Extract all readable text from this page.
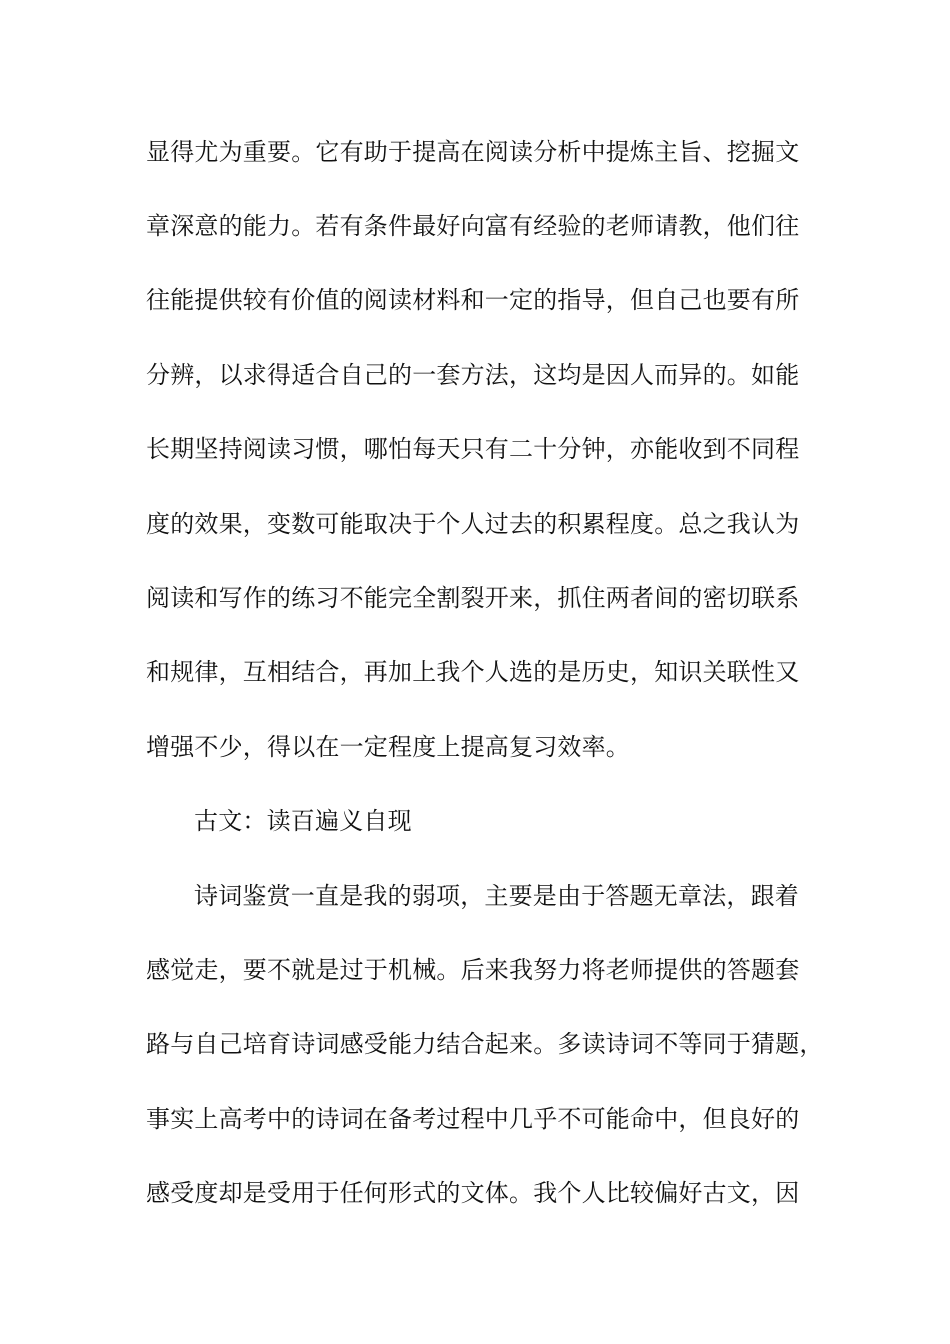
显得尤为重要。它有助于提高在阅读分析中提炼主旨、挖掘文
章深意的能力。若有条件最好向富有经验的老师请教，他们往
往能提供较有价值的阅读材料和一定的指导，但自己也要有所
分辨，以求得适合自己的一套方法，这均是因人而异的。如能
长期坚持阅读习惯，哪怕每天只有二十分钟，亦能收到不同程
度的效果，变数可能取决于个人过去的积累程度。总之我认为
阅读和写作的练习不能完全割裂开来，抓住两者间的密切联系
和规律，互相结合，再加上我个人选的是历史，知识关联性又
增强不少，得以在一定程度上提高复习效率。
古文：读百遍义自现
诗词鉴赏一直是我的弱项，主要是由于答题无章法，跟着
感觉走，要不就是过于机械。后来我努力将老师提供的答题套
路与自己培育诗词感受能力结合起来。多读诗词不等同于猜题，
事实上高考中的诗词在备考过程中几乎不可能命中，但良好的
感受度却是受用于任何形式的文体。我个人比较偏好古文，因
